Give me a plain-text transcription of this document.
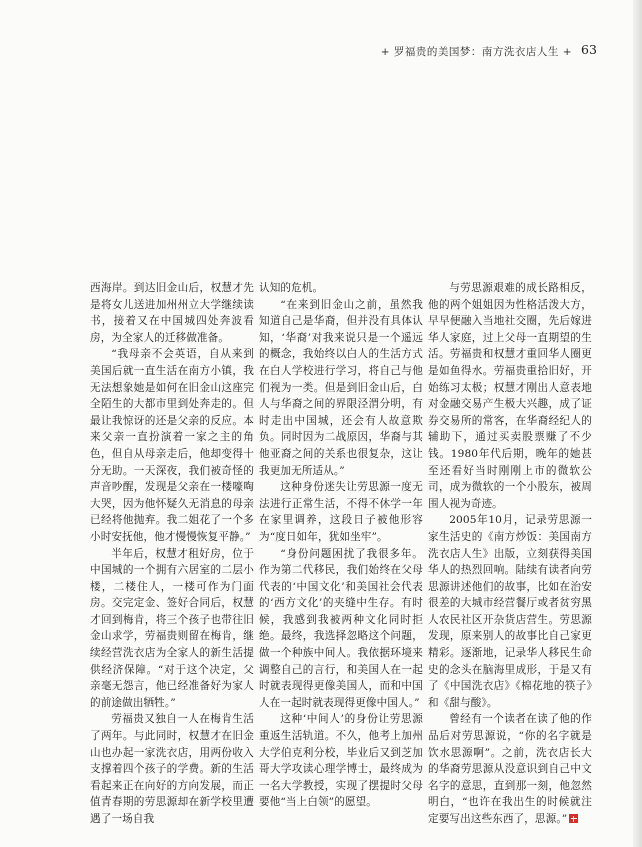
+ 罗福贵的美国梦：南方洗衣店人生 + 63

西海岸。到达旧金山后，权慧才先是将女儿送进加州州立大学继续读书，接着又在中国城四处奔波看房，为全家人的迁移做准备。

“我母亲不会英语，自从来到美国后就一直生活在南方小镇，我无法想象她是如何在旧金山这座完全陌生的大都市里到处奔走的。但最让我惊讶的还是父亲的反应。本来父亲一直扮演着一家之主的角色，但自从母亲走后，他却变得十分无助。一天深夜，我们被奇怪的声音吵醒，发现是父亲在一楼嚎啕大哭，因为他怀疑久无消息的母亲已经将他抛弃。我二姐花了一个多小时安抚他，他才慢慢恢复平静。”

半年后，权慧才租好房，位于中国城的一个拥有六居室的二层小楼，二楼住人，一楼可作为门面房。交完定金、签好合同后，权慧才回到梅肯，将三个孩子也带往旧金山求学，劳福贵则留在梅肯，继续经营洗衣店为全家人的新生活提供经济保障。“对于这个决定，父亲毫无怨言，他已经准备好为家人的前途做出牺牲。”

劳福贵又独自一人在梅肯生活了两年。与此同时，权慧才在旧金山也办起一家洗衣店，用两份收入支撑着四个孩子的学费。新的生活看起来正在向好的方向发展，而正值青春期的劳思源却在新学校里遭遇了一场自我

认知的危机。

“在来到旧金山之前，虽然我知道自己是华裔，但并没有具体认知，‘华裔’对我来说只是一个遥远的概念，我始终以白人的生活方式在白人学校进行学习，将自己与他们视为一类。但是到旧金山后，白人与华裔之间的界限泾渭分明，有时走出中国城，还会有人故意欺负。同时因为二战原因，华裔与其他亚裔之间的关系也很复杂，这让我更加无所适从。”

这种身份迷失让劳思源一度无法进行正常生活，不得不休学一年在家里调养，这段日子被他形容为“度日如年，犹如坐牢”。

“身份问题困扰了我很多年。作为第二代移民，我们始终在父母代表的‘中国文化’和美国社会代表的‘西方文化’的夹缝中生存。有时候，我感到我被两种文化同时拒绝。最终，我选择忽略这个问题，做一个种族中间人。我依据环境来调整自己的言行，和美国人在一起时就表现得更像美国人，而和中国人在一起时就表现得更像中国人。”

这种‘中间人’的身份让劳思源重返生活轨道。不久，他考上加州大学伯克利分校，毕业后又到芝加哥大学攻读心理学博士，最终成为一名大学教授，实现了摆提时父母要他“当上白领”的愿望。

与劳思源艰难的成长路相反，他的两个姐姐因为性格活泼大方，早早便融入当地社交圈，先后嫁进华人家庭，过上父母一直期望的生活。劳福贵和权慧才重回华人圈更是如鱼得水。劳福贵重拾旧好，开始练习太极；权慧才刚出人意表地对金融交易产生极大兴趣，成了证券交易所的常客，在华裔经纪人的辅助下，通过买卖股票赚了不少钱。1980年代后期，晚年的她甚至还看好当时刚刚上市的微软公司，成为微软的一个小股东，被周围人视为奇迹。

2005年10月，记录劳思源一家生活史的《南方炒饭：美国南方洗衣店人生》出版，立刻获得美国华人的热烈回响。陆续有读者向劳思源讲述他们的故事，比如在治安很差的大城市经营餐厅或者贫穷黑人农民社区开杂货店营生。劳思源发现，原来别人的故事比自己家更精彩。逐渐地，记录华人移民生命史的念头在脑海里成形，于是又有了《中国洗衣店》《棉花地的筷子》和《甜与酸》。

曾经有一个读者在读了他的作品后对劳思源说，“你的名字就是饮水思源啊”。之前，洗衣店长大的华裔劳思源从没意识到自己中文名字的意思，直到那一刻，他忽然明白，“也许在我出生的时候就注定要写出这些东西了，思源。”
